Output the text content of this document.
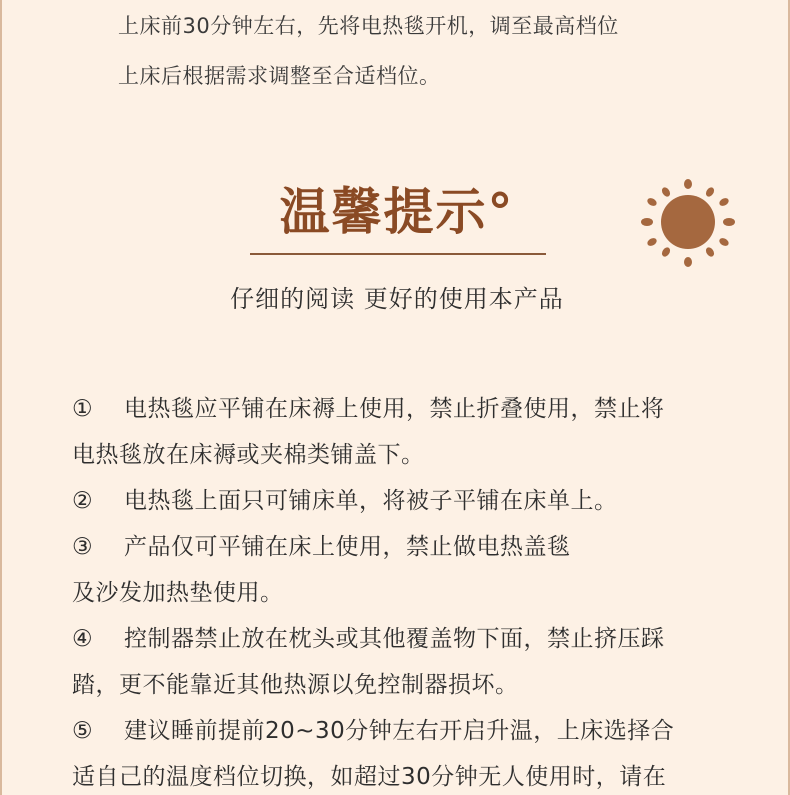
上床前30分钟左右，先将电热毯开机，调至最高档位
上床后根据需求调整至合适档位。
温馨提示°
仔细的阅读 更好的使用本产品
① 电热毯应平铺在床褥上使用，禁止折叠使用，禁止将
电热毯放在床褥或夹棉类铺盖下。
② 电热毯上面只可铺床单，将被子平铺在床单上。
③ 产品仅可平铺在床上使用，禁止做电热盖毯
及沙发加热垫使用。
④ 控制器禁止放在枕头或其他覆盖物下面，禁止挤压踩
踏，更不能靠近其他热源以免控制器损坏。
⑤ 建议睡前提前20~30分钟左右开启升温，上床选择合
适自己的温度档位切换，如超过30分钟无人使用时，请在
